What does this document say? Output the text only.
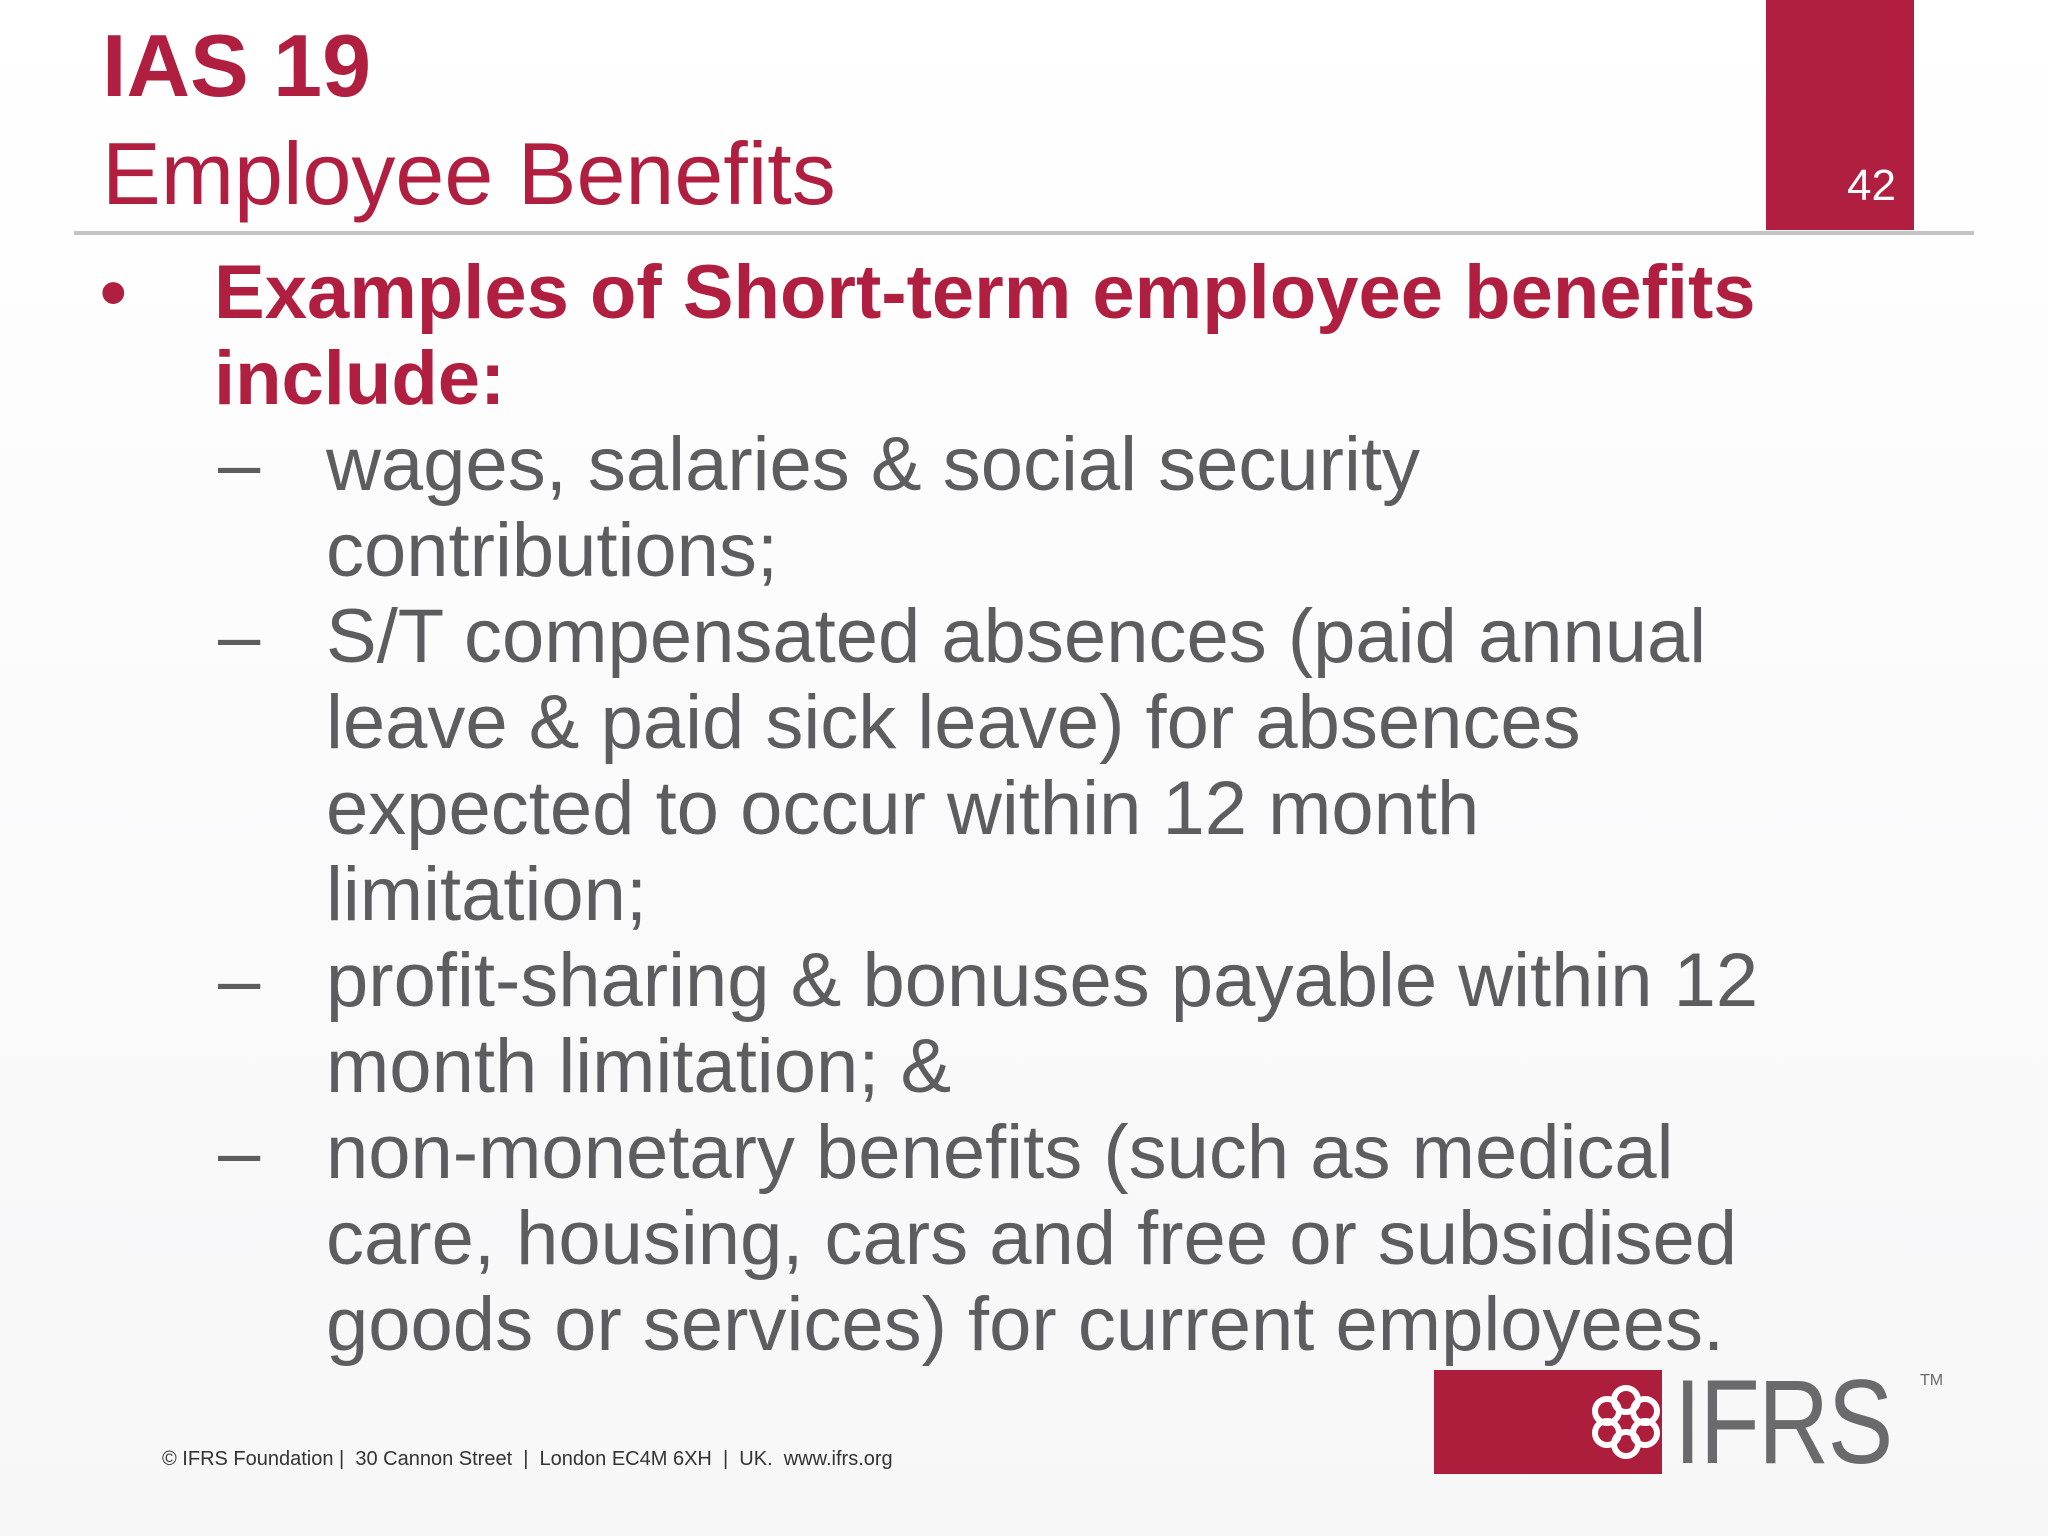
IAS 19
Employee Benefits	42
• Examples of Short-term employee benefits
include:
– wages, salaries & social security
contributions;
– S/T compensated absences (paid annual
leave & paid sick leave) for absences
expected to occur within 12 month
limitation;
– profit-sharing & bonuses payable within 12
month limitation; &
– non-monetary benefits (such as medical
care, housing, cars and free or subsidised
goods or services) for current employees.
© IFRS Foundation |  30 Cannon Street  |  London EC4M 6XH  |  UK.  www.ifrs.org	IFRS TM
